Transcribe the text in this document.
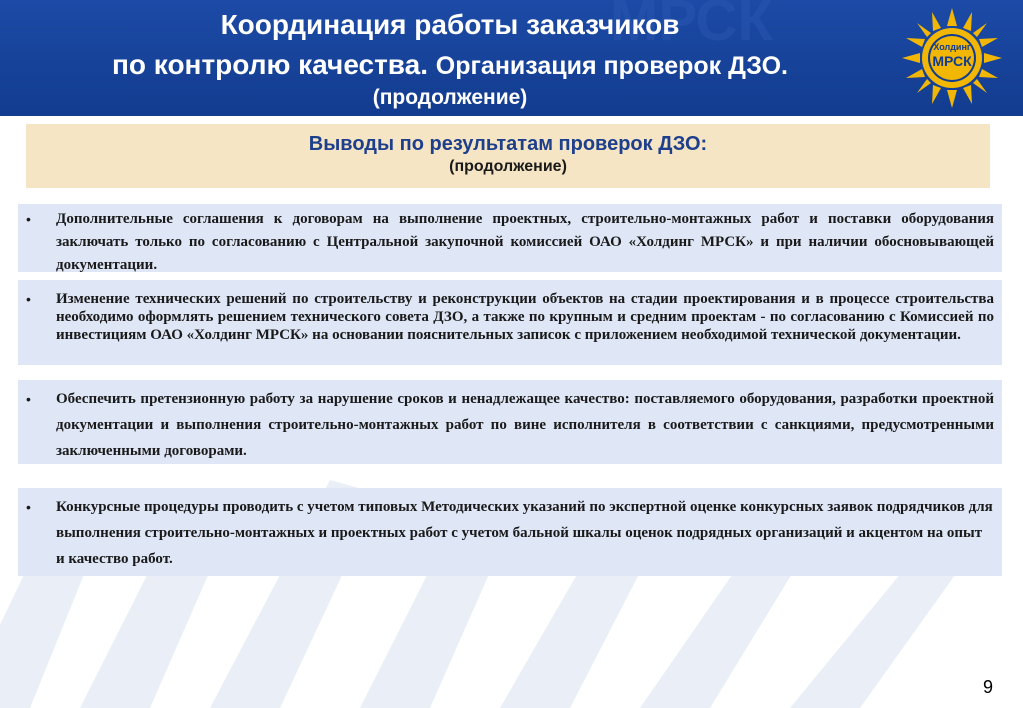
МРСК
Координация работы заказчиков
по контролю качества. Организация проверок ДЗО.
(продолжение)
Холдинг
МРСК
Выводы по результатам проверок ДЗО:
(продолжение)
• Дополнительные соглашения к договорам на выполнение проектных, строительно-монтажных работ и поставки оборудования заключать только по согласованию с Центральной закупочной комиссией ОАО «Холдинг МРСК» и при наличии обосновывающей документации.
• Изменение технических решений по строительству и реконструкции объектов на стадии проектирования и в процессе строительства необходимо оформлять решением технического совета ДЗО, а также по крупным и средним проектам - по согласованию с Комиссией по инвестициям ОАО «Холдинг МРСК» на основании пояснительных записок с приложением необходимой технической документации.
• Обеспечить претензионную работу за нарушение сроков и ненадлежащее качество: поставляемого оборудования, разработки проектной документации и выполнения строительно-монтажных работ по вине исполнителя в соответствии с санкциями, предусмотренными заключенными договорами.
• Конкурсные процедуры проводить с учетом типовых Методических указаний по экспертной оценке конкурсных заявок подрядчиков для выполнения строительно-монтажных и проектных работ с учетом бальной шкалы оценок подрядных организаций и акцентом на опыт и качество работ.
9
